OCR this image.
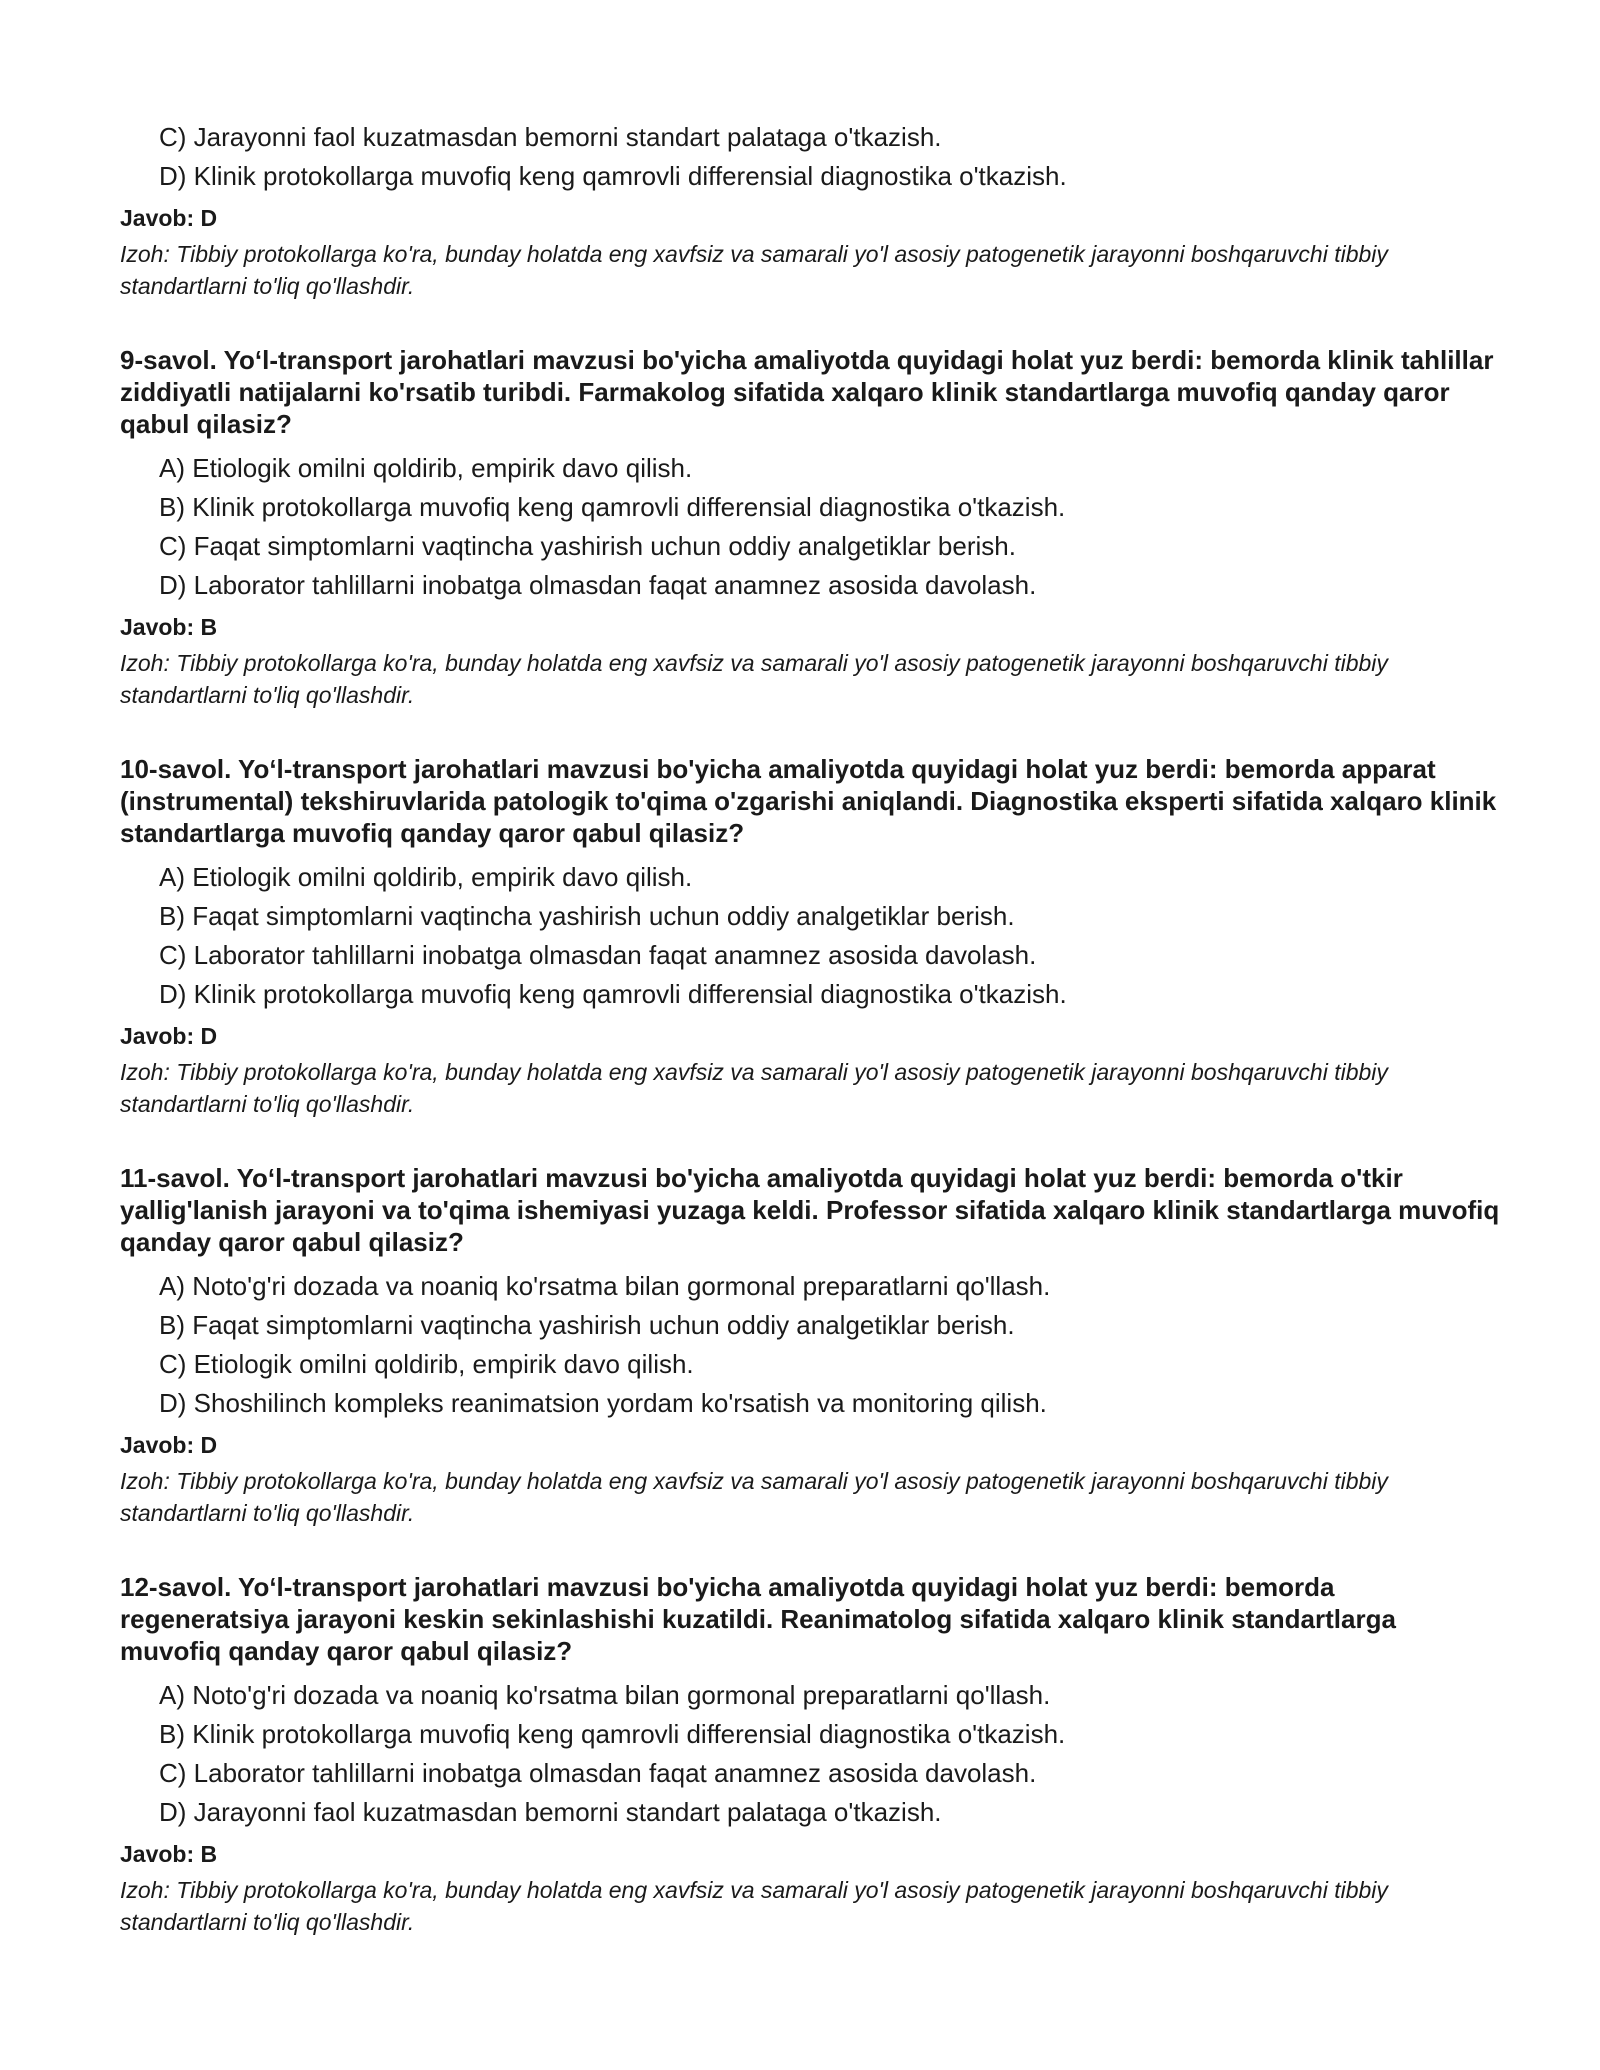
C) Jarayonni faol kuzatmasdan bemorni standart palataga o'tkazish.
D) Klinik protokollarga muvofiq keng qamrovli differensial diagnostika o'tkazish.
Javob: D
Izoh: Tibbiy protokollarga ko'ra, bunday holatda eng xavfsiz va samarali yo'l asosiy patogenetik jarayonni boshqaruvchi tibbiy standartlarni to'liq qo'llashdir.
9-savol. Yo‘l-transport jarohatlari mavzusi bo'yicha amaliyotda quyidagi holat yuz berdi: bemorda klinik tahlillar ziddiyatli natijalarni ko'rsatib turibdi. Farmakolog sifatida xalqaro klinik standartlarga muvofiq qanday qaror qabul qilasiz?
A) Etiologik omilni qoldirib, empirik davo qilish.
B) Klinik protokollarga muvofiq keng qamrovli differensial diagnostika o'tkazish.
C) Faqat simptomlarni vaqtincha yashirish uchun oddiy analgetiklar berish.
D) Laborator tahlillarni inobatga olmasdan faqat anamnez asosida davolash.
Javob: B
Izoh: Tibbiy protokollarga ko'ra, bunday holatda eng xavfsiz va samarali yo'l asosiy patogenetik jarayonni boshqaruvchi tibbiy standartlarni to'liq qo'llashdir.
10-savol. Yo‘l-transport jarohatlari mavzusi bo'yicha amaliyotda quyidagi holat yuz berdi: bemorda apparat (instrumental) tekshiruvlarida patologik to'qima o'zgarishi aniqlandi. Diagnostika eksperti sifatida xalqaro klinik standartlarga muvofiq qanday qaror qabul qilasiz?
A) Etiologik omilni qoldirib, empirik davo qilish.
B) Faqat simptomlarni vaqtincha yashirish uchun oddiy analgetiklar berish.
C) Laborator tahlillarni inobatga olmasdan faqat anamnez asosida davolash.
D) Klinik protokollarga muvofiq keng qamrovli differensial diagnostika o'tkazish.
Javob: D
Izoh: Tibbiy protokollarga ko'ra, bunday holatda eng xavfsiz va samarali yo'l asosiy patogenetik jarayonni boshqaruvchi tibbiy standartlarni to'liq qo'llashdir.
11-savol. Yo‘l-transport jarohatlari mavzusi bo'yicha amaliyotda quyidagi holat yuz berdi: bemorda o'tkir yallig'lanish jarayoni va to'qima ishemiyasi yuzaga keldi. Professor sifatida xalqaro klinik standartlarga muvofiq qanday qaror qabul qilasiz?
A) Noto'g'ri dozada va noaniq ko'rsatma bilan gormonal preparatlarni qo'llash.
B) Faqat simptomlarni vaqtincha yashirish uchun oddiy analgetiklar berish.
C) Etiologik omilni qoldirib, empirik davo qilish.
D) Shoshilinch kompleks reanimatsion yordam ko'rsatish va monitoring qilish.
Javob: D
Izoh: Tibbiy protokollarga ko'ra, bunday holatda eng xavfsiz va samarali yo'l asosiy patogenetik jarayonni boshqaruvchi tibbiy standartlarni to'liq qo'llashdir.
12-savol. Yo‘l-transport jarohatlari mavzusi bo'yicha amaliyotda quyidagi holat yuz berdi: bemorda regeneratsiya jarayoni keskin sekinlashishi kuzatildi. Reanimatolog sifatida xalqaro klinik standartlarga muvofiq qanday qaror qabul qilasiz?
A) Noto'g'ri dozada va noaniq ko'rsatma bilan gormonal preparatlarni qo'llash.
B) Klinik protokollarga muvofiq keng qamrovli differensial diagnostika o'tkazish.
C) Laborator tahlillarni inobatga olmasdan faqat anamnez asosida davolash.
D) Jarayonni faol kuzatmasdan bemorni standart palataga o'tkazish.
Javob: B
Izoh: Tibbiy protokollarga ko'ra, bunday holatda eng xavfsiz va samarali yo'l asosiy patogenetik jarayonni boshqaruvchi tibbiy standartlarni to'liq qo'llashdir.
